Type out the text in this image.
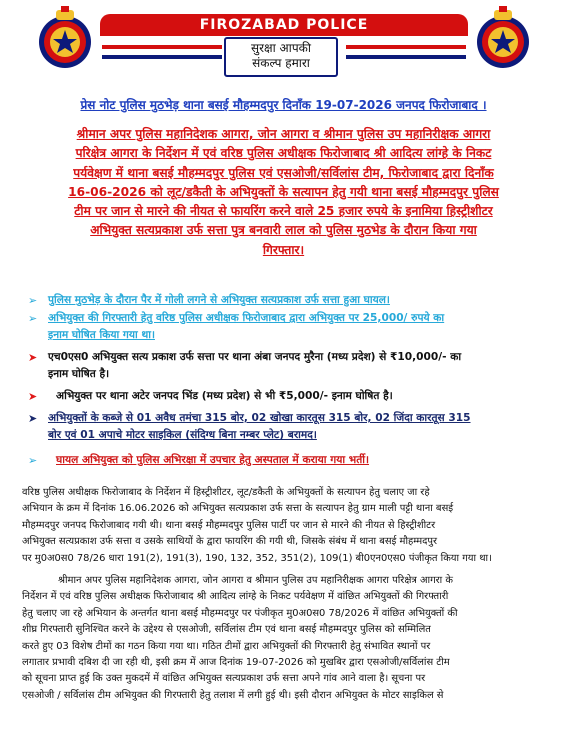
FIROZABAD POLICE
सुरक्षा आपकी
संकल्प हमारा
प्रेस नोट पुलिस मुठभेड़ थाना बसई मौहम्मदपुर दिनाँक 19-07-2026 जनपद फिरोजाबाद ।
श्रीमान अपर पुलिस महानिदेशक आगरा, जोन आगरा व श्रीमान पुलिस उप महानिरीक्षक आगरा
परिक्षेत्र आगरा के निर्देशन में एवं वरिष्ठ पुलिस अधीक्षक फिरोजाबाद श्री आदित्य लांग्हे के निकट
पर्यवेक्षण में थाना बसई मौहम्मदपुर पुलिस एवं एसओजी/सर्विलांस टीम, फिरोजाबाद द्वारा दिनाँक
16-06-2026 को लूट/डकैती के अभियुक्तों के सत्यापन हेतु गयी थाना बसई मौहम्मदपुर पुलिस
टीम पर जान से मारने की नीयत से फायरिंग करने वाले 25 हजार रुपये के इनामिया हिस्ट्रीशीटर
अभियुक्त सत्यप्रकाश उर्फ सत्ता पुत्र बनवारी लाल को पुलिस मुठभेड के दौरान किया गया
गिरफ्तार।
➢ पुलिस मुठभेड़ के दौरान पैर में गोली लगने से अभियुक्त सत्यप्रकाश उर्फ सत्ता हुआ घायल।
➢ अभियुक्त की गिरफ्तारी हेतु वरिष्ठ पुलिस अधीक्षक फिरोजाबाद द्वारा अभियुक्त पर 25,000/ रुपये का
इनाम घोषित किया गया था।
➤ एच0एस0 अभियुक्त सत्य प्रकाश उर्फ सत्ता पर थाना अंबा जनपद मुरैना (मध्य प्रदेश) से ₹10,000/- का
इनाम घोषित है।
➤	अभियुक्त पर थाना अटेर जनपद भिंड (मध्य प्रदेश) से भी ₹5,000/- इनाम घोषित है।
➤ अभियुक्तों के कब्जे से 01 अवैध तमंचा 315 बोर, 02 खोखा कारतूस 315 बोर, 02 जिंदा कारतूस 315
बोर एवं 01 अपाचे मोटर साइकिल (संदिग्ध बिना नम्बर प्लेट) बरामद।
➢	घायल अभियुक्त को पुलिस अभिरक्षा में उपचार हेतु अस्पताल में कराया गया भर्ती।
वरिष्ठ पुलिस अधीक्षक फिरोजाबाद के निर्देशन में हिस्ट्रीशीटर, लूट/डकैती के अभियुक्तों के सत्यापन हेतु चलाए जा रहे
अभियान के क्रम में दिनांक 16.06.2026 को अभियुक्त सत्यप्रकाश उर्फ सत्ता के सत्यापन हेतु ग्राम माली पट्टी थाना बसई
मौहम्मदपुर जनपद फिरोजाबाद गयी थी। थाना बसई मौहम्मदपुर पुलिस पार्टी पर जान से मारने की नीयत से हिस्ट्रीशीटर
अभियुक्त सत्यप्रकाश उर्फ सत्ता व उसके साथियों के द्वारा फायरिंग की गयी थी, जिसके संबंध में थाना बसई मौहम्मदपुर
पर मु0अ0स0 78/26 धारा 191(2), 191(3), 190, 132, 352, 351(2), 109(1) बी0एन0एस0 पंजीकृत किया गया था।
श्रीमान अपर पुलिस महानिदेशक आगरा, जोन आगरा व श्रीमान पुलिस उप महानिरीक्षक आगरा परिक्षेत्र आगरा के
निर्देशन में एवं वरिष्ठ पुलिस अधीक्षक फिरोजाबाद श्री आदित्य लांग्हे के निकट पर्यवेक्षण में वांछित अभियुक्तों की गिरफ्तारी
हेतु चलाए जा रहे अभियान के अन्तर्गत थाना बसई मौहम्मदपुर पर पंजीकृत मु0अ0स0 78/2026 में वांछित अभियुक्तों की
शीघ्र गिरफ्तारी सुनिश्चित करने के उद्देश्य से एसओजी, सर्विलांस टीम एवं थाना बसई मौहम्मदपुर पुलिस को सम्मिलित
करते हुए 03 विशेष टीमों का गठन किया गया था। गठित टीमों द्वारा अभियुक्तों की गिरफ्तारी हेतु संभावित स्थानों पर
लगातार प्रभावी दबिश दी जा रही थी, इसी क्रम में आज दिनांक 19-07-2026 को मुखबिर द्वारा एसओजी/सर्विलांस टीम
को सूचना प्राप्त हुई कि उक्त मुकदमें में वांछित अभियुक्त सत्यप्रकाश उर्फ सत्ता अपने गांव आने वाला है। सूचना पर
एसओजी / सर्विलांस टीम अभियुक्त की गिरफ्तारी हेतु तलाश में लगी हुई थी। इसी दौरान अभियुक्त के मोटर साइकिल से
